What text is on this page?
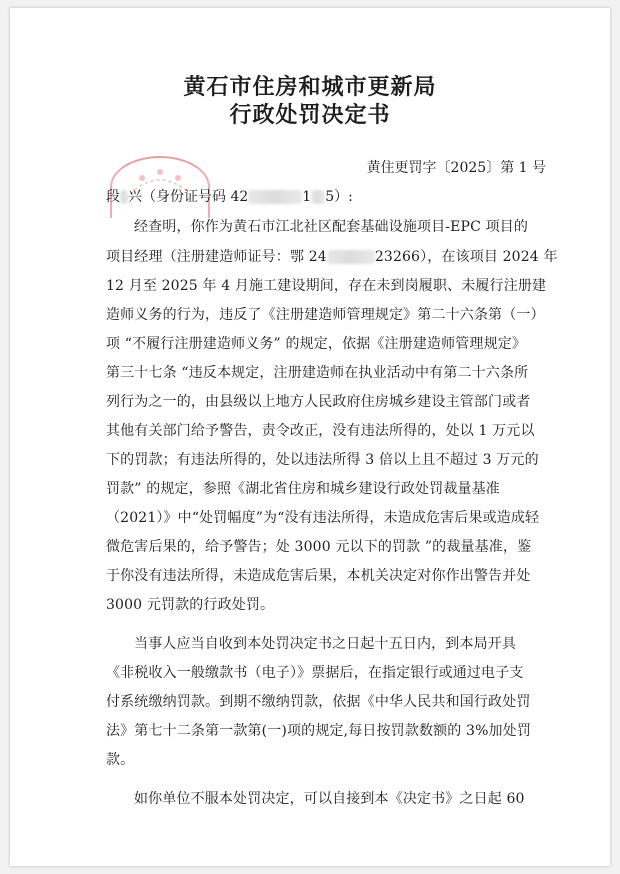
黄石市住房和城市更新局
行政处罚决定书
黄住更罚字〔2025〕第 1 号
段 兴（身份证号码 42	1 5）:
经查明，你作为黄石市江北社区配套基础设施项目-EPC 项目的
项目经理（注册建造师证号：鄂 24	23266），在该项目 2024 年
12 月至 2025 年 4 月施工建设期间，存在未到岗履职、未履行注册建
造师义务的行为，违反了《注册建造师管理规定》第二十六条第（一）
项 “不履行注册建造师义务” 的规定，依据《注册建造师管理规定》
第三十七条 “违反本规定，注册建造师在执业活动中有第二十六条所
列行为之一的，由县级以上地方人民政府住房城乡建设主管部门或者
其他有关部门给予警告，责令改正，没有违法所得的，处以 1 万元以
下的罚款；有违法所得的，处以违法所得 3 倍以上且不超过 3 万元的
罚款” 的规定，参照《湖北省住房和城乡建设行政处罚裁量基准
（2021）》中“处罚幅度”为“没有违法所得，未造成危害后果或造成轻
微危害后果的，给予警告；处 3000 元以下的罚款 ”的裁量基准，鉴
于你没有违法所得，未造成危害后果，本机关决定对你作出警告并处
3000 元罚款的行政处罚。
当事人应当自收到本处罚决定书之日起十五日内，到本局开具
《非税收入一般缴款书（电子）》票据后，在指定银行或通过电子支
付系统缴纳罚款。到期不缴纳罚款，依据《中华人民共和国行政处罚
法》第七十二条第一款第(一)项的规定,每日按罚款数额的 3%加处罚
款。
如你单位不服本处罚决定，可以自接到本《决定书》之日起 60
